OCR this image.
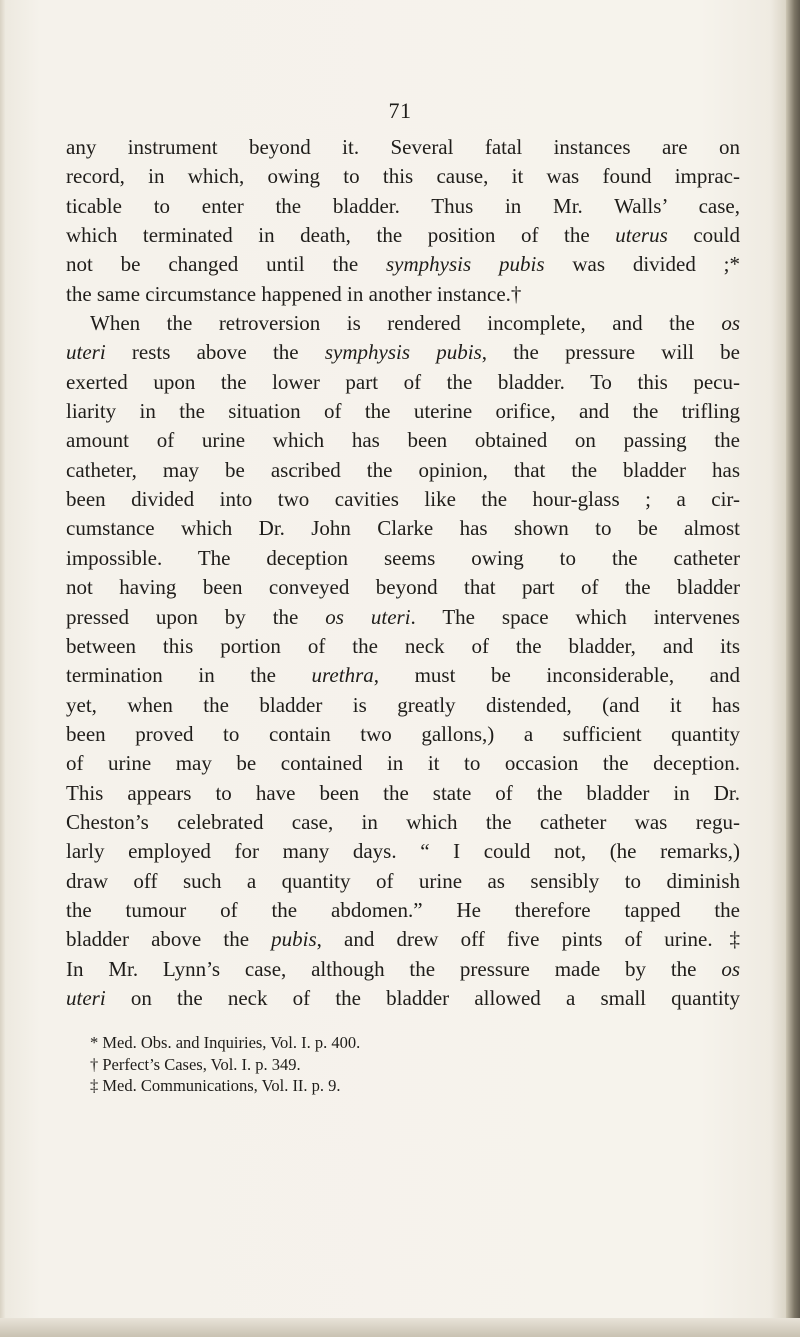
71
any instrument beyond it. Several fatal instances are on
record, in which, owing to this cause, it was found imprac-
ticable to enter the bladder. Thus in Mr. Walls’ case,
which terminated in death, the position of the uterus could
not be changed until the symphysis pubis was divided ;*
the same circumstance happened in another instance.†
When the retroversion is rendered incomplete, and the os
uteri rests above the symphysis pubis, the pressure will be
exerted upon the lower part of the bladder. To this pecu-
liarity in the situation of the uterine orifice, and the trifling
amount of urine which has been obtained on passing the
catheter, may be ascribed the opinion, that the bladder has
been divided into two cavities like the hour-glass ; a cir-
cumstance which Dr. John Clarke has shown to be almost
impossible. The deception seems owing to the catheter
not having been conveyed beyond that part of the bladder
pressed upon by the os uteri. The space which intervenes
between this portion of the neck of the bladder, and its
termination in the urethra, must be inconsiderable, and
yet, when the bladder is greatly distended, (and it has
been proved to contain two gallons,) a sufficient quantity
of urine may be contained in it to occasion the deception.
This appears to have been the state of the bladder in Dr.
Cheston’s celebrated case, in which the catheter was regu-
larly employed for many days. “ I could not, (he remarks,)
draw off such a quantity of urine as sensibly to diminish
the tumour of the abdomen.” He therefore tapped the
bladder above the pubis, and drew off five pints of urine.‡
In Mr. Lynn’s case, although the pressure made by the os
uteri on the neck of the bladder allowed a small quantity
* Med. Obs. and Inquiries, Vol. I. p. 400.
† Perfect’s Cases, Vol. I. p. 349.
‡ Med. Communications, Vol. II. p. 9.
